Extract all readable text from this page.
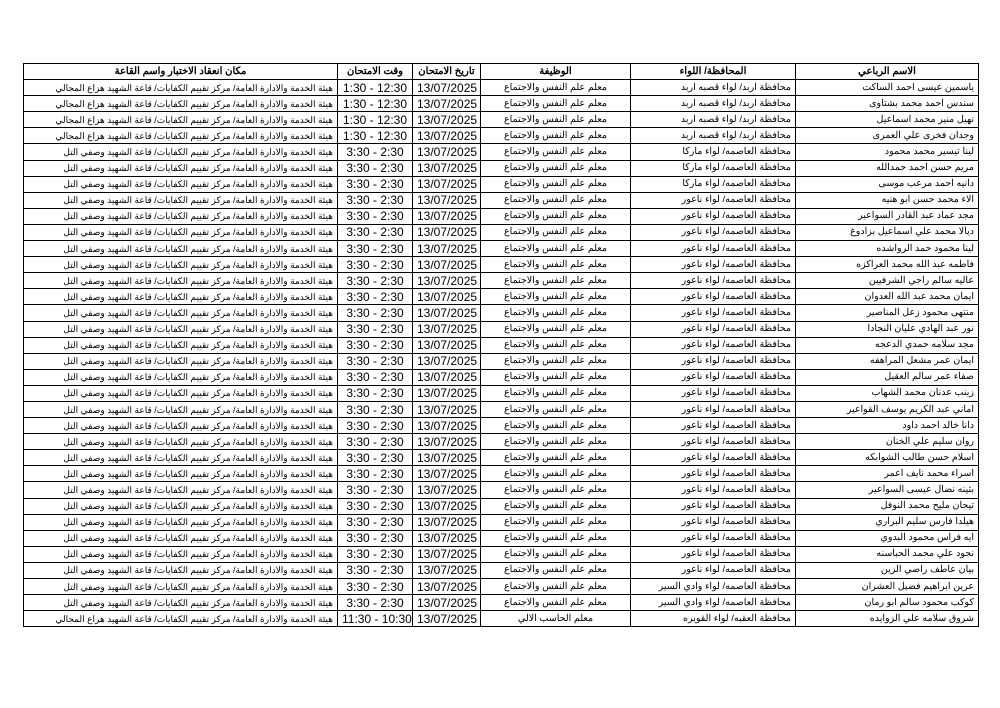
مكان انعقاد الاختبار واسم القاعة	وقت الامتحان	تاريخ الامتحان	الوظيفة	المحافظة/ اللواء	الاسم الرباعي
هيئة الخدمة والادارة العامة/ مركز تقييم الكفايات/ قاعة الشهيد هزاع المجالي	1:30 - 12:30	13/07/2025	معلم علم النفس والاجتماع	محافظة اربد/ لواء قصبه اربد	ياسمين عيسى احمد الساكت
هيئة الخدمة والادارة العامة/ مركز تقييم الكفايات/ قاعة الشهيد هزاع المجالي	1:30 - 12:30	13/07/2025	معلم علم النفس والاجتماع	محافظة اربد/ لواء قصبه اربد	سندس احمد محمد بشتاوى
هيئة الخدمة والادارة العامة/ مركز تقييم الكفايات/ قاعة الشهيد هزاع المجالي	1:30 - 12:30	13/07/2025	معلم علم النفس والاجتماع	محافظة اربد/ لواء قصبه اربد	نهيل منير محمد اسماعيل
هيئة الخدمة والادارة العامة/ مركز تقييم الكفايات/ قاعة الشهيد هزاع المجالي	1:30 - 12:30	13/07/2025	معلم علم النفس والاجتماع	محافظة اربد/ لواء قصبه اربد	وجدان فخرى علي العمرى
هيئة الخدمة والادارة العامة/ مركز تقييم الكفايات/ قاعة الشهيد وصفي التل	3:30 - 2:30	13/07/2025	معلم علم النفس والاجتماع	محافظة العاصمه/ لواء ماركا	لينا تيسير محمد محمود
هيئة الخدمة والادارة العامة/ مركز تقييم الكفايات/ قاعة الشهيد وصفي التل	3:30 - 2:30	13/07/2025	معلم علم النفس والاجتماع	محافظة العاصمه/ لواء ماركا	مريم حسن احمد حمدالله
هيئة الخدمة والادارة العامة/ مركز تقييم الكفايات/ قاعة الشهيد وصفي التل	3:30 - 2:30	13/07/2025	معلم علم النفس والاجتماع	محافظة العاصمه/ لواء ماركا	دانيه احمد مرعب موسى
هيئة الخدمة والادارة العامة/ مركز تقييم الكفايات/ قاعة الشهيد وصفي التل	3:30 - 2:30	13/07/2025	معلم علم النفس والاجتماع	محافظة العاصمه/ لواء ناعور	الاء محمد حسن ابو هنيه
هيئة الخدمة والادارة العامة/ مركز تقييم الكفايات/ قاعة الشهيد وصفي التل	3:30 - 2:30	13/07/2025	معلم علم النفس والاجتماع	محافظة العاصمه/ لواء ناعور	مجد عماد عبد القادر السواعير
هيئة الخدمة والادارة العامة/ مركز تقييم الكفايات/ قاعة الشهيد وصفي التل	3:30 - 2:30	13/07/2025	معلم علم النفس والاجتماع	محافظة العاصمه/ لواء ناعور	ديالا محمد علي اسماعيل بزادوغ
هيئة الخدمة والادارة العامة/ مركز تقييم الكفايات/ قاعة الشهيد وصفي التل	3:30 - 2:30	13/07/2025	معلم علم النفس والاجتماع	محافظة العاصمه/ لواء ناعور	لينا محمود حمد الرواشده
هيئة الخدمة والادارة العامة/ مركز تقييم الكفايات/ قاعة الشهيد وصفي التل	3:30 - 2:30	13/07/2025	معلم علم النفس والاجتماع	محافظة العاصمه/ لواء ناعور	فاطمه عبد الله محمد العراكزه
هيئة الخدمة والادارة العامة/ مركز تقييم الكفايات/ قاعة الشهيد وصفي التل	3:30 - 2:30	13/07/2025	معلم علم النفس والاجتماع	محافظة العاصمه/ لواء ناعور	عاليه سالم راجي الشرفيين
هيئة الخدمة والادارة العامة/ مركز تقييم الكفايات/ قاعة الشهيد وصفي التل	3:30 - 2:30	13/07/2025	معلم علم النفس والاجتماع	محافظة العاصمه/ لواء ناعور	ايمان محمد عبد الله العدوان
هيئة الخدمة والادارة العامة/ مركز تقييم الكفايات/ قاعة الشهيد وصفي التل	3:30 - 2:30	13/07/2025	معلم علم النفس والاجتماع	محافظة العاصمه/ لواء ناعور	منتهى محمود زعل المناصير
هيئة الخدمة والادارة العامة/ مركز تقييم الكفايات/ قاعة الشهيد وصفي التل	3:30 - 2:30	13/07/2025	معلم علم النفس والاجتماع	محافظة العاصمه/ لواء ناعور	نور عبد الهادي عليان النجادا
هيئة الخدمة والادارة العامة/ مركز تقييم الكفايات/ قاعة الشهيد وصفي التل	3:30 - 2:30	13/07/2025	معلم علم النفس والاجتماع	محافظة العاصمه/ لواء ناعور	مجد سلامه حمدي الدعجه
هيئة الخدمة والادارة العامة/ مركز تقييم الكفايات/ قاعة الشهيد وصفي التل	3:30 - 2:30	13/07/2025	معلم علم النفس والاجتماع	محافظة العاصمه/ لواء ناعور	ايمان عمر مشعل المراهفه
هيئة الخدمة والادارة العامة/ مركز تقييم الكفايات/ قاعة الشهيد وصفي التل	3:30 - 2:30	13/07/2025	معلم علم النفس والاجتماع	محافظة العاصمه/ لواء ناعور	صفاء عمر سالم العقيل
هيئة الخدمة والادارة العامة/ مركز تقييم الكفايات/ قاعة الشهيد وصفي التل	3:30 - 2:30	13/07/2025	معلم علم النفس والاجتماع	محافظة العاصمه/ لواء ناعور	زينب عدنان محمد الشهاب
هيئة الخدمة والادارة العامة/ مركز تقييم الكفايات/ قاعة الشهيد وصفي التل	3:30 - 2:30	13/07/2025	معلم علم النفس والاجتماع	محافظة العاصمه/ لواء ناعور	اماني عبد الكريم يوسف القواعير
هيئة الخدمة والادارة العامة/ مركز تقييم الكفايات/ قاعة الشهيد وصفي التل	3:30 - 2:30	13/07/2025	معلم علم النفس والاجتماع	محافظة العاصمه/ لواء ناعور	دانا خالد احمد داود
هيئة الخدمة والادارة العامة/ مركز تقييم الكفايات/ قاعة الشهيد وصفي التل	3:30 - 2:30	13/07/2025	معلم علم النفس والاجتماع	محافظة العاصمه/ لواء ناعور	روان سليم علي الخنان
هيئة الخدمة والادارة العامة/ مركز تقييم الكفايات/ قاعة الشهيد وصفي التل	3:30 - 2:30	13/07/2025	معلم علم النفس والاجتماع	محافظة العاصمه/ لواء ناعور	اسلام حسن طالب الشوابكه
هيئة الخدمة والادارة العامة/ مركز تقييم الكفايات/ قاعة الشهيد وصفي التل	3:30 - 2:30	13/07/2025	معلم علم النفس والاجتماع	محافظة العاصمه/ لواء ناعور	اسراء محمد نايف اعمر
هيئة الخدمة والادارة العامة/ مركز تقييم الكفايات/ قاعة الشهيد وصفي التل	3:30 - 2:30	13/07/2025	معلم علم النفس والاجتماع	محافظة العاصمه/ لواء ناعور	بثينه نضال عيسى السواعير
هيئة الخدمة والادارة العامة/ مركز تقييم الكفايات/ قاعة الشهيد وصفي التل	3:30 - 2:30	13/07/2025	معلم علم النفس والاجتماع	محافظة العاصمه/ لواء ناعور	تيجان مليح محمد النوفل
هيئة الخدمة والادارة العامة/ مركز تقييم الكفايات/ قاعة الشهيد وصفي التل	3:30 - 2:30	13/07/2025	معلم علم النفس والاجتماع	محافظة العاصمه/ لواء ناعور	هيلدا فارس سليم البراري
هيئة الخدمة والادارة العامة/ مركز تقييم الكفايات/ قاعة الشهيد وصفي التل	3:30 - 2:30	13/07/2025	معلم علم النفس والاجتماع	محافظة العاصمه/ لواء ناعور	ايه فراس محمود البدوي
هيئة الخدمة والادارة العامة/ مركز تقييم الكفايات/ قاعة الشهيد وصفي التل	3:30 - 2:30	13/07/2025	معلم علم النفس والاجتماع	محافظة العاصمه/ لواء ناعور	نجود علي محمد الحباسنه
هيئة الخدمة والادارة العامة/ مركز تقييم الكفايات/ قاعة الشهيد وصفي التل	3:30 - 2:30	13/07/2025	معلم علم النفس والاجتماع	محافظة العاصمه/ لواء ناعور	بيان عاطف راضي الزين
هيئة الخدمة والادارة العامة/ مركز تقييم الكفايات/ قاعة الشهيد وصفي التل	3:30 - 2:30	13/07/2025	معلم علم النفس والاجتماع	محافظة العاصمه/ لواء وادي السير	عرين ابراهيم فضيل العشران
هيئة الخدمة والادارة العامة/ مركز تقييم الكفايات/ قاعة الشهيد وصفي التل	3:30 - 2:30	13/07/2025	معلم علم النفس والاجتماع	محافظة العاصمه/ لواء وادي السير	كوكب محمود سالم ابو رمان
هيئة الخدمة والادارة العامة/ مركز تقييم الكفايات/ قاعة الشهيد هزاع المجالي	11:30 - 10:30	13/07/2025	معلم الحاسب الالي	محافظة العقبه/ لواء القويره	شروق سلامه علي الزوايده
